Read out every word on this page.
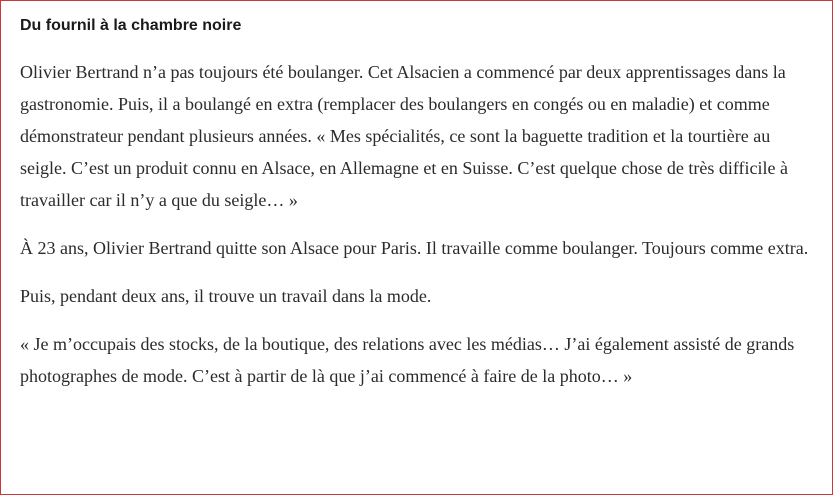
Du fournil à la chambre noire

Olivier Bertrand n’a pas toujours été boulanger. Cet Alsacien a commencé par deux apprentissages dans la gastronomie. Puis, il a boulangé en extra (remplacer des boulangers en congés ou en maladie) et comme démonstrateur pendant plusieurs années. « Mes spécialités, ce sont la baguette tradition et la tourtière au seigle. C’est un produit connu en Alsace, en Allemagne et en Suisse. C’est quelque chose de très difficile à travailler car il n’y a que du seigle… »

À 23 ans, Olivier Bertrand quitte son Alsace pour Paris. Il travaille comme boulanger. Toujours comme extra.

Puis, pendant deux ans, il trouve un travail dans la mode.

« Je m’occupais des stocks, de la boutique, des relations avec les médias… J’ai également assisté de grands photographes de mode. C’est à partir de là que j’ai commencé à faire de la photo… »
